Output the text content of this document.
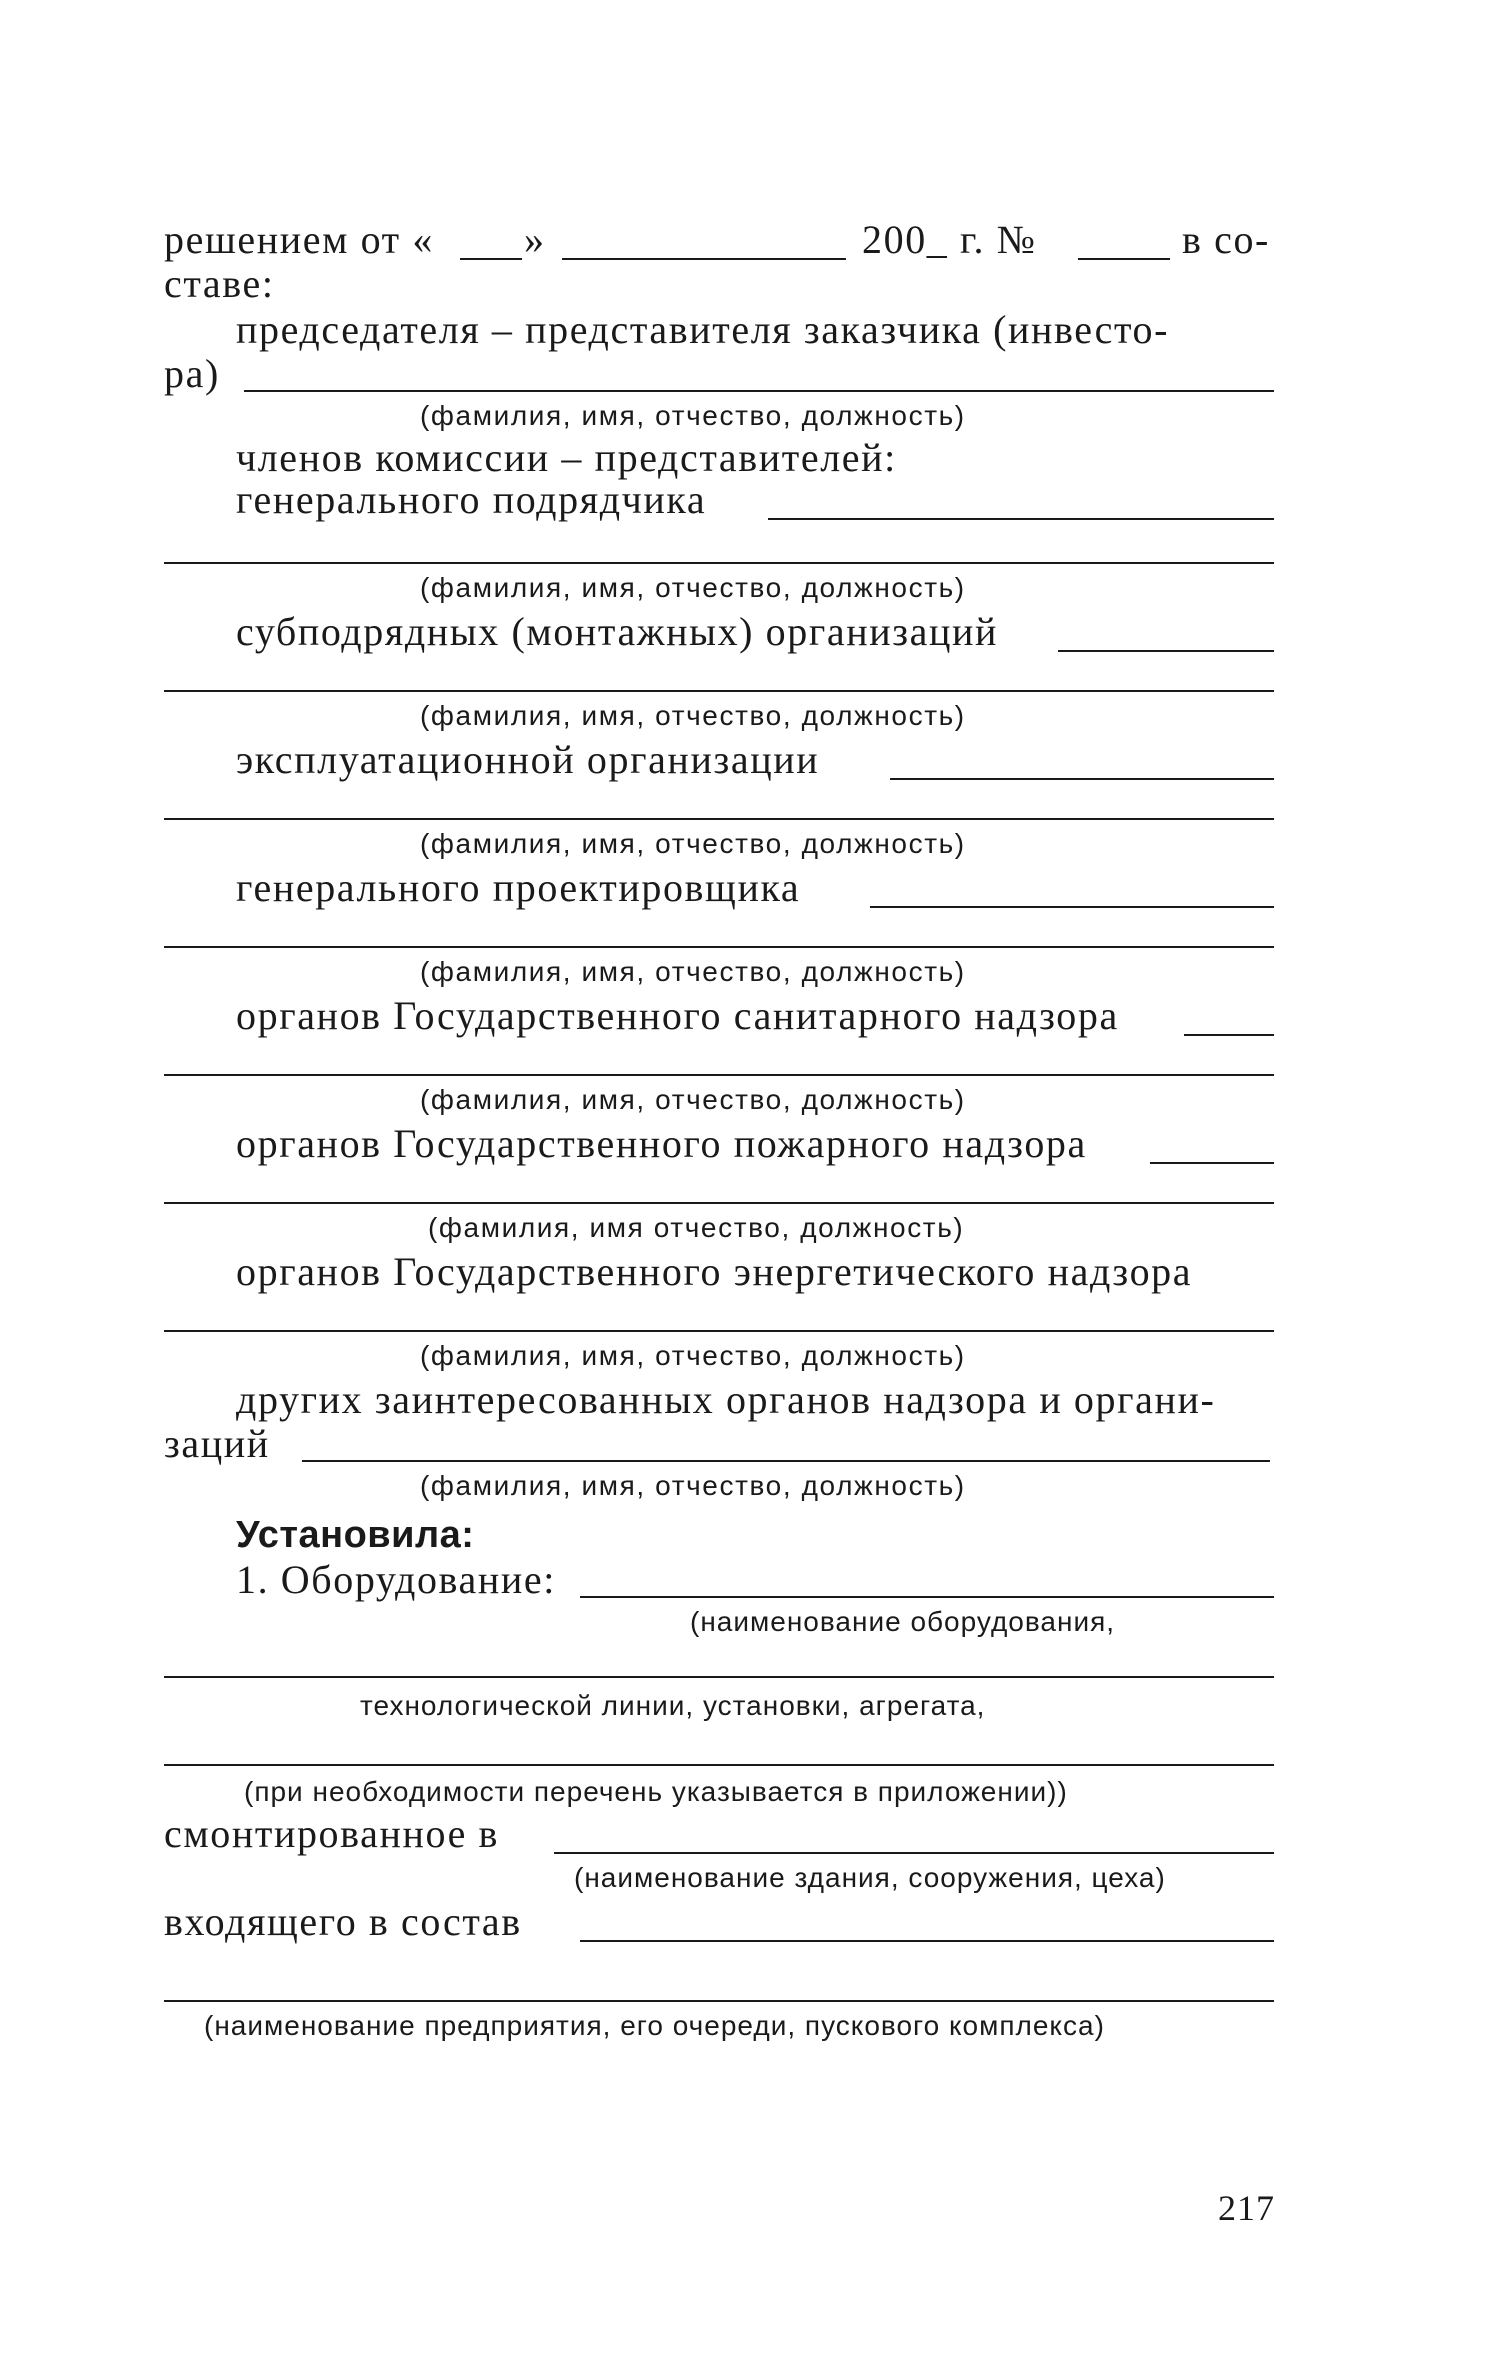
решением от « »	200_ г. №	в со-
ставе:
председателя – представителя заказчика (инвесто-
ра)
(фамилия, имя, отчество, должность)
членов комиссии – представителей:
генерального подрядчика
(фамилия, имя, отчество, должность)
субподрядных (монтажных) организаций
(фамилия, имя, отчество, должность)
эксплуатационной организации
(фамилия, имя, отчество, должность)
генерального проектировщика
(фамилия, имя, отчество, должность)
органов Государственного санитарного надзора
(фамилия, имя, отчество, должность)
органов Государственного пожарного надзора
(фамилия, имя отчество, должность)
органов Государственного энергетического надзора
(фамилия, имя, отчество, должность)
других заинтересованных органов надзора и органи-
заций
(фамилия, имя, отчество, должность)
Установила:
1. Оборудование:
(наименование оборудования,
технологической линии, установки, агрегата,
(при необходимости перечень указывается в приложении))
смонтированное в
(наименование здания, сооружения, цеха)
входящего в состав
(наименование предприятия, его очереди, пускового комплекса)
217
